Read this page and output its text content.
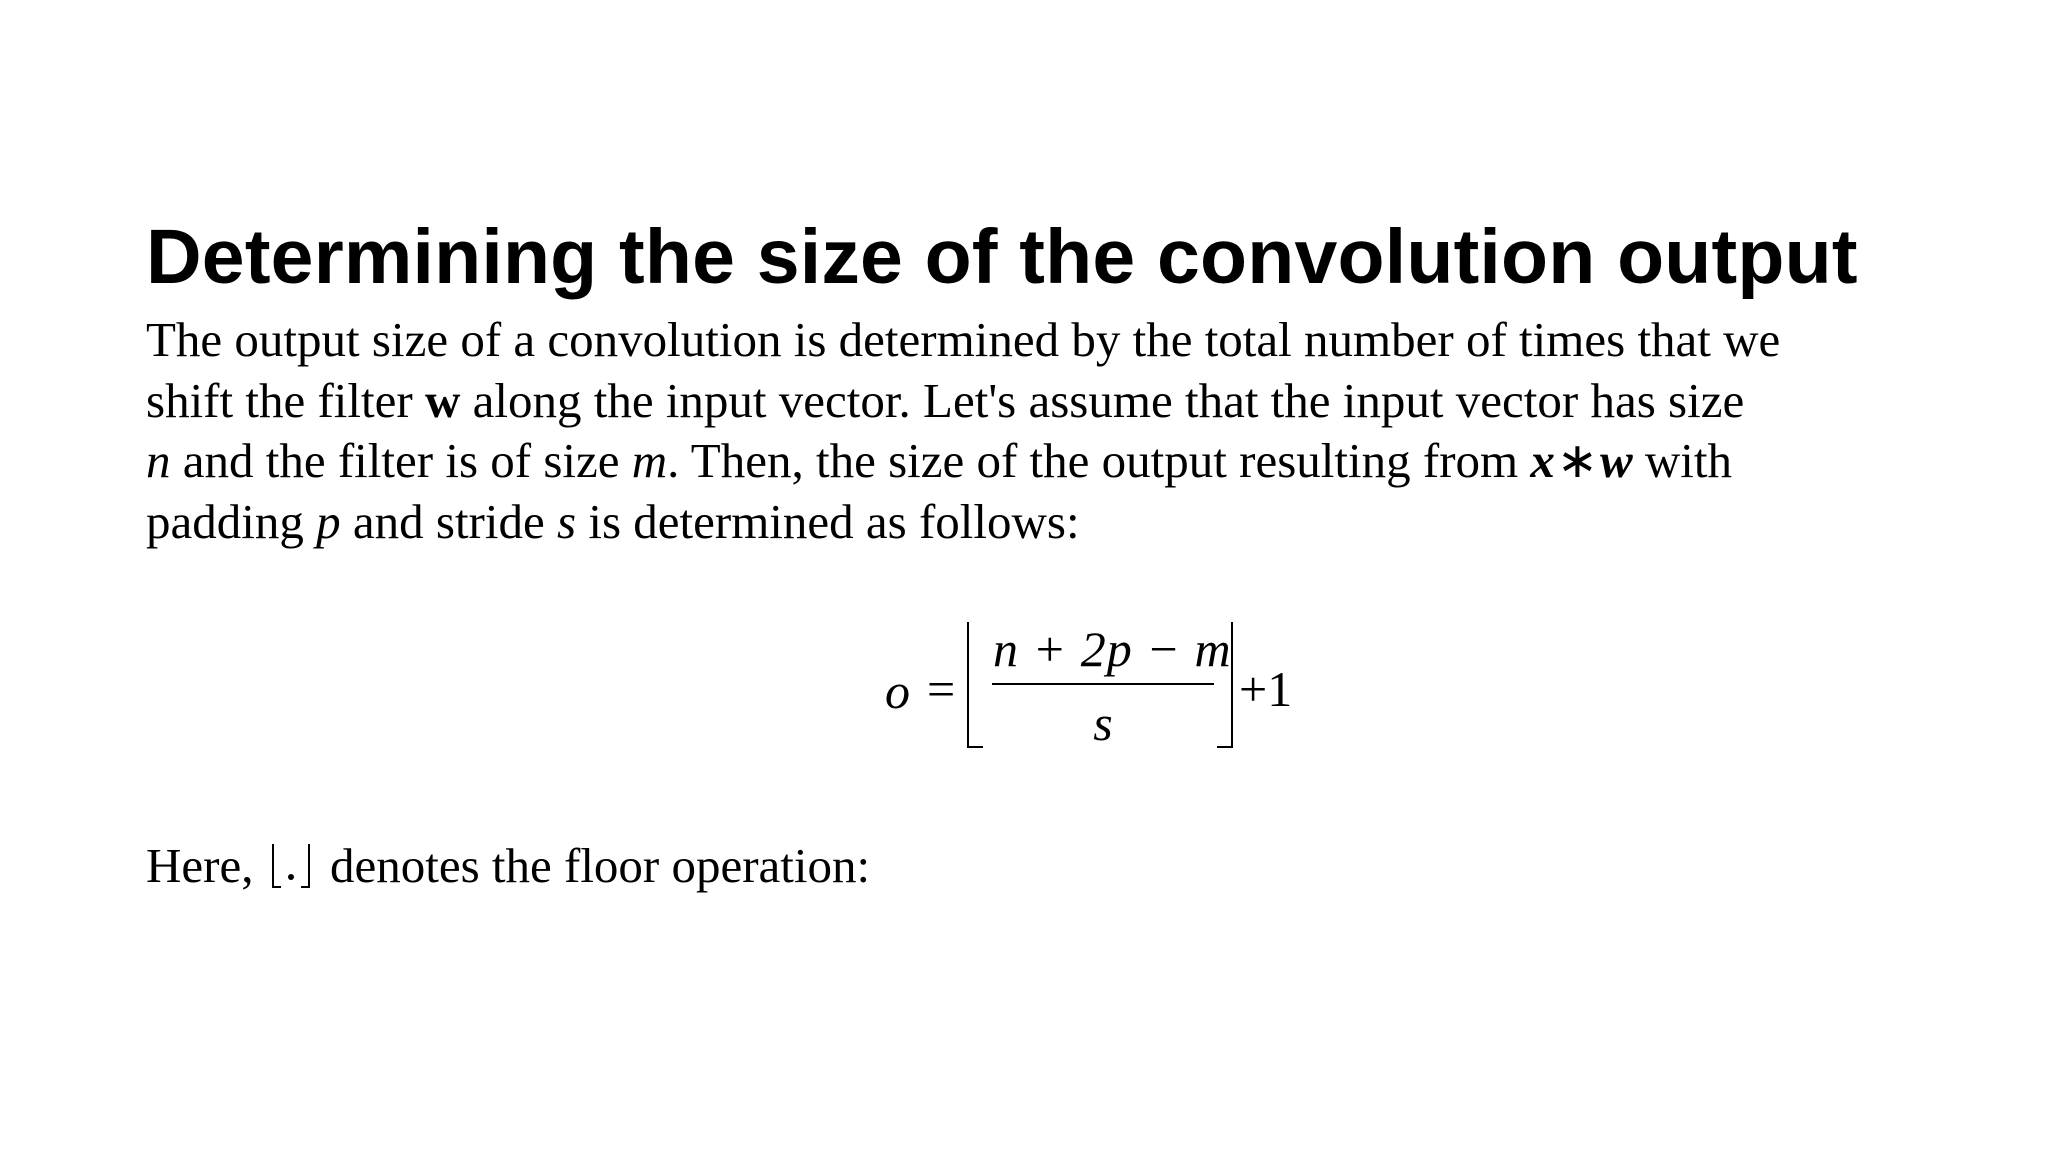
Determining the size of the convolution output

The output size of a convolution is determined by the total number of times that we
shift the filter w along the input vector. Let's assume that the input vector has size
n and the filter is of size m. Then, the size of the output resulting from x∗w with
padding p and stride s is determined as follows:

o =
n + 2p − m
s
+1

Here,
denotes the floor operation:
